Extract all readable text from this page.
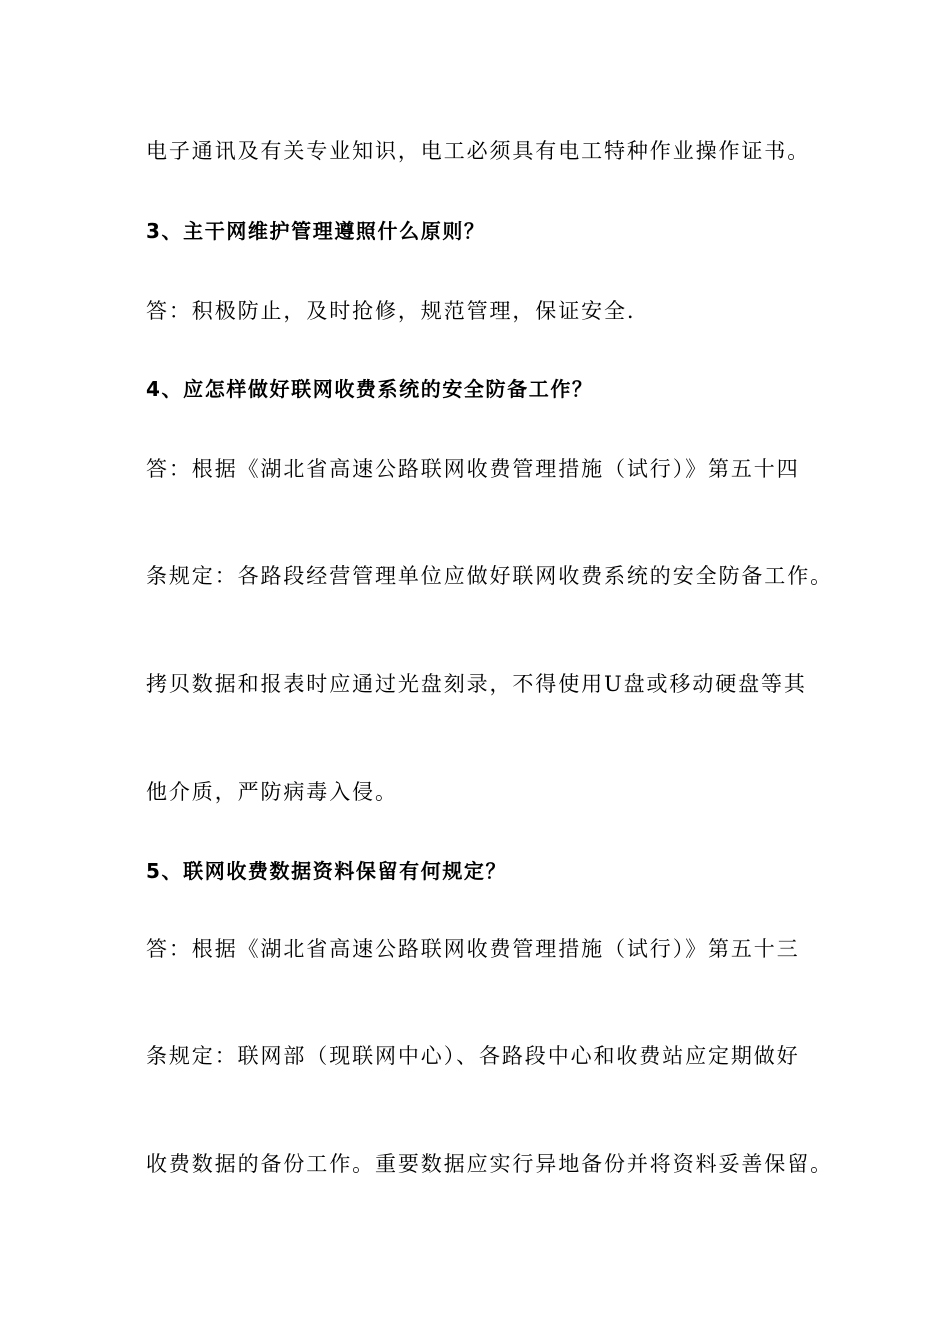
电子通讯及有关专业知识，电工必须具有电工特种作业操作证书。
3、主干网维护管理遵照什么原则？
答：积极防止，及时抢修，规范管理，保证安全.
4、应怎样做好联网收费系统的安全防备工作？
答：根据《湖北省高速公路联网收费管理措施（试行）》第五十四
条规定：各路段经营管理单位应做好联网收费系统的安全防备工作。
拷贝数据和报表时应通过光盘刻录，不得使用U盘或移动硬盘等其
他介质，严防病毒入侵。
5、联网收费数据资料保留有何规定？
答：根据《湖北省高速公路联网收费管理措施（试行）》第五十三
条规定：联网部（现联网中心）、各路段中心和收费站应定期做好
收费数据的备份工作。重要数据应实行异地备份并将资料妥善保留。
